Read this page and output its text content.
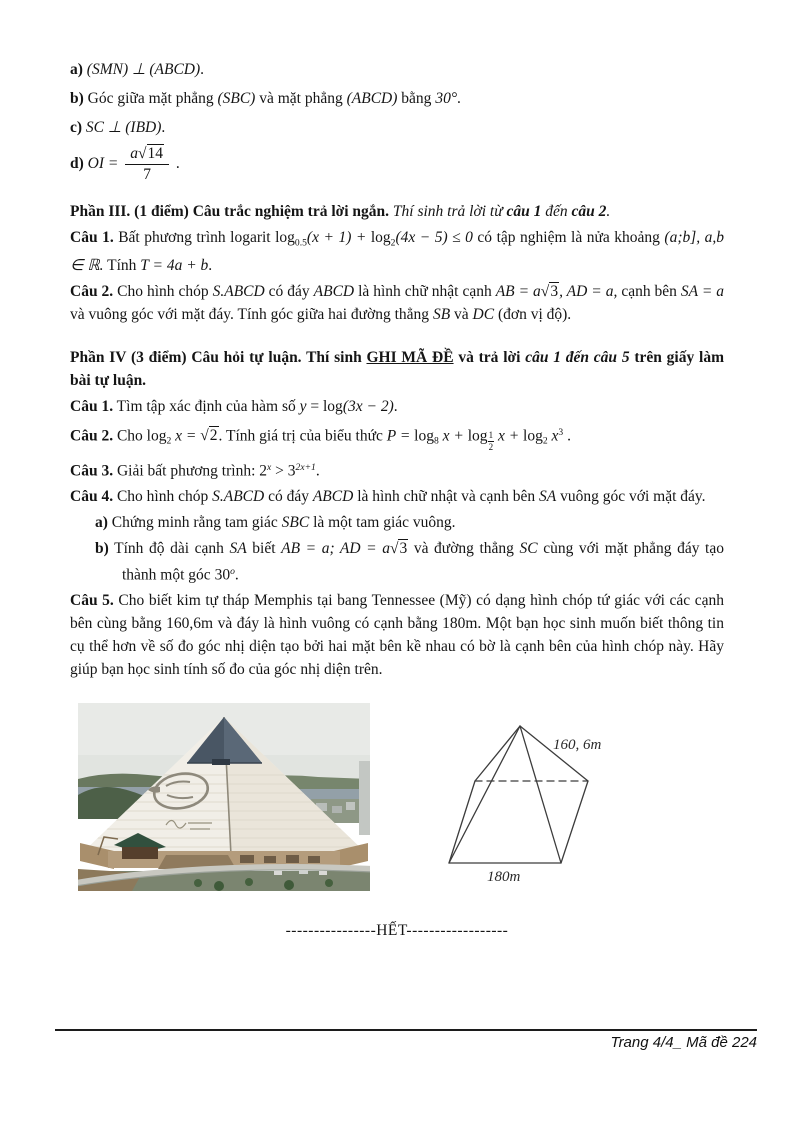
a) (SMN) ⊥ (ABCD).

b) Góc giữa mặt phẳng (SBC) và mặt phẳng (ABCD) bằng 30°.

c) SC ⊥ (IBD).

d) OI = $\frac{a √ 14}{7}$ .

Phần III. (1 điểm) Câu trắc nghiệm trả lời ngắn. Thí sinh trả lời từ câu 1 đến câu 2.

Câu 1. Bất phương trình logarit $\log_{0.5}(x + 1) + \log_2(4x - 5) \le 0$ có tập nghiệm là nửa khoảng (a;b], a,b ∈ ℝ. Tính T = 4a + b.

Câu 2. Cho hình chóp S.ABCD có đáy ABCD là hình chữ nhật cạnh AB = a √ 3, AD = a, cạnh bên SA = a và vuông góc với mặt đáy. Tính góc giữa hai đường thẳng SB và DC (đơn vị độ).

Phần IV (3 điểm) Câu hỏi tự luận. Thí sinh GHI MÃ ĐỀ và trả lời câu 1 đến câu 5 trên giấy làm bài tự luận.

Câu 1. Tìm tập xác định của hàm số y = log(3x − 2).

Câu 2. Cho $\log_2 x$ = √ 2. Tính giá trị của biểu thức $P = \log_8 x + \log \frac{1}{2}$ $x + \log_2 x^3$ .

Câu 3. Giải bất phương trình: $2^x > 3^{2x+1}$.

Câu 4. Cho hình chóp S.ABCD có đáy ABCD là hình chữ nhật và cạnh bên SA vuông góc với mặt đáy.

a) Chứng minh rằng tam giác SBC là một tam giác vuông.

b) Tính độ dài cạnh SA biết AB = a; AD = a √ 3 và đường thẳng SC cùng với mặt phẳng đáy tạo thành một góc 30$^o$.

Câu 5. Cho biết kim tự tháp Memphis tại bang Tennessee (Mỹ) có dạng hình chóp tứ giác với các cạnh bên cùng bằng 160,6m và đáy là hình vuông có cạnh bằng 180m. Một bạn học sinh muốn biết thông tin cụ thể hơn về số đo góc nhị diện tạo bởi hai mặt bên kề nhau có bờ là cạnh bên của hình chóp này. Hãy giúp bạn học sinh tính số đo của góc nhị diện trên.

160, 6m
180m

----------------HẾT------------------

Trang 4/4_ Mã đề 224
